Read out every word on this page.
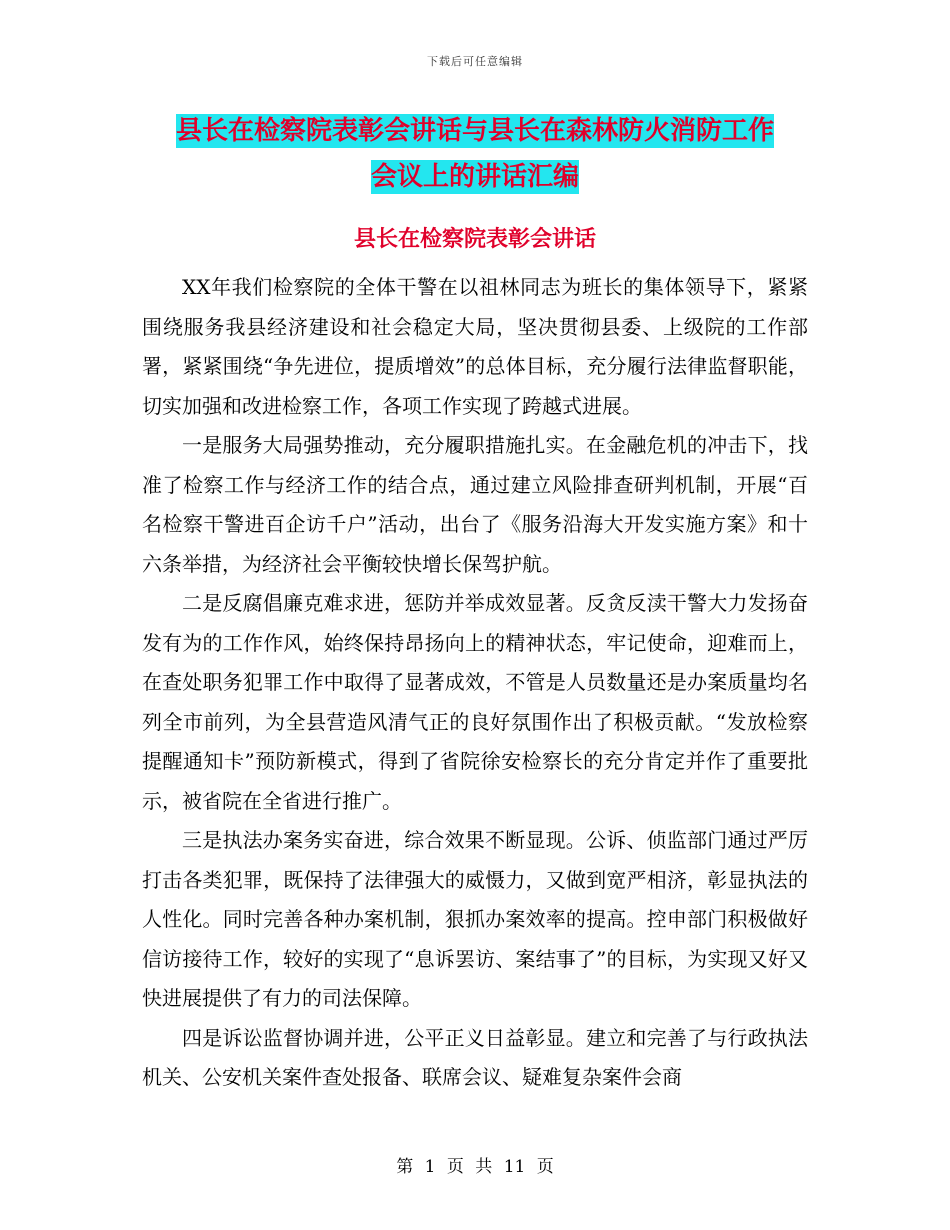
下载后可任意编辑
县长在检察院表彰会讲话与县长在森林防火消防工作
会议上的讲话汇编
县长在检察院表彰会讲话

XX年我们检察院的全体干警在以祖林同志为班长的集体领导下，紧紧围绕服务我县经济建设和社会稳定大局，坚决贯彻县委、上级院的工作部署，紧紧围绕“争先进位，提质增效”的总体目标，充分履行法律监督职能，切实加强和改进检察工作，各项工作实现了跨越式进展。

一是服务大局强势推动，充分履职措施扎实。在金融危机的冲击下，找准了检察工作与经济工作的结合点，通过建立风险排查研判机制，开展“百名检察干警进百企访千户”活动，出台了《服务沿海大开发实施方案》和十六条举措，为经济社会平衡较快增长保驾护航。

二是反腐倡廉克难求进，惩防并举成效显著。反贪反渎干警大力发扬奋发有为的工作作风，始终保持昂扬向上的精神状态，牢记使命，迎难而上，在查处职务犯罪工作中取得了显著成效，不管是人员数量还是办案质量均名列全市前列，为全县营造风清气正的良好氛围作出了积极贡献。“发放检察提醒通知卡”预防新模式，得到了省院徐安检察长的充分肯定并作了重要批示，被省院在全省进行推广。

三是执法办案务实奋进，综合效果不断显现。公诉、侦监部门通过严厉打击各类犯罪，既保持了法律强大的威慑力，又做到宽严相济，彰显执法的人性化。同时完善各种办案机制，狠抓办案效率的提高。控申部门积极做好信访接待工作，较好的实现了“息诉罢访、案结事了”的目标，为实现又好又快进展提供了有力的司法保障。

四是诉讼监督协调并进，公平正义日益彰显。建立和完善了与行政执法机关、公安机关案件查处报备、联席会议、疑难复杂案件会商

第 1 页 共 11 页
